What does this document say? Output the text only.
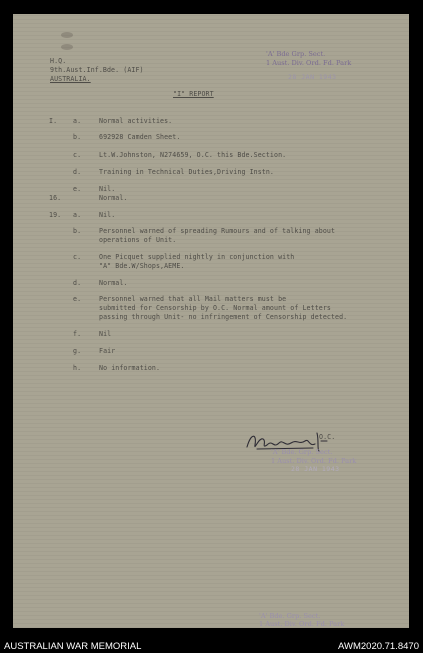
H.Q.
9th.Aust.Inf.Bde. (AIF)
AUSTRALIA.
'A' Bde Grp. Sect.
1 Aust. Div. Ord. Fd. Park
28 JAN 1943
"I" REPORT
I. a.	Normal activities.
b.	692928 Camden Sheet.
c.	Lt.W.Johnston, N274659, O.C. this Bde.Section.
d.	Training in Technical Duties,Driving Instn.
e.	Nil.
16.	Normal.
19. a.	Nil.
b.	Personnel warned of spreading Rumours and of talking about
operations of Unit.
c.	One Picquet supplied nightly in conjunction with
"A" Bde.W/Shops,AEME.
d.	Normal.
e.	Personnel warned that all Mail matters must be
submitted for Censorship by O.C. Normal amount of Letters
passing through Unit- no infringement of Censorship detected.
f.	Nil
g.	Fair
h.	No information.
O.C.
'A' Bde. Grp. Sect.
1 Aust. Div. Ord. Fd. Park
28 JAN 1943
'A' Bde. Grp. Sect.
1 Aust. Div. Ord. Fd. Park
AUSTRALIAN WAR MEMORIAL	AWM2020.71.8470
